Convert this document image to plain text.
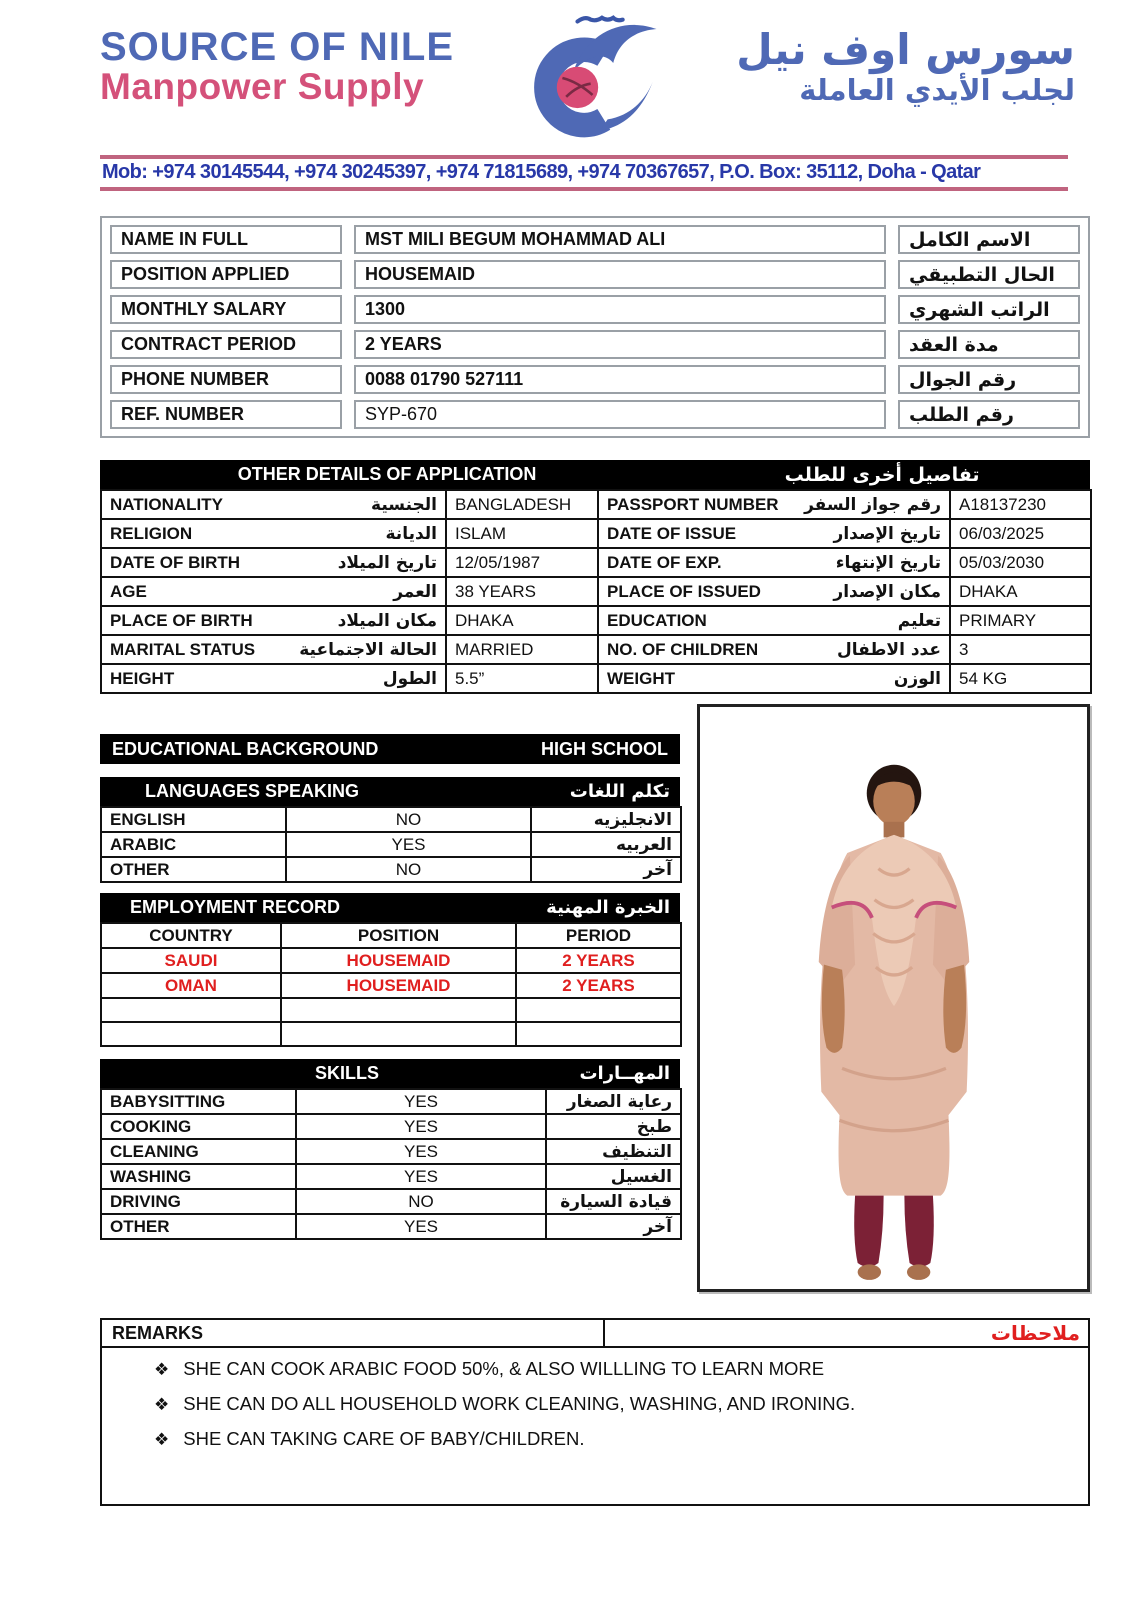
SOURCE OF NILE
Manpower Supply
سورس اوف نيل
لجلب الأيدي العاملة
Mob: +974 30145544, +974 30245397, +974 71815689, +974 70367657, P.O. Box: 35112, Doha - Qatar
NAME IN FULL	MST MILI BEGUM MOHAMMAD ALI	الاسم الكامل
POSITION APPLIED	HOUSEMAID	الحال التطبيقي
MONTHLY SALARY	1300	الراتب الشهري
CONTRACT PERIOD	2 YEARS	مدة العقد
PHONE NUMBER	0088 01790 527111	رقم الجوال
REF. NUMBER	SYP-670	رقم الطلب
OTHER DETAILS OF APPLICATION	تفاصيل أخرى للطلب
NATIONALITY الجنسية	BANGLADESH	PASSPORT NUMBER رقم جواز السفر	A18137230

RELIGION الديانة	ISLAM	DATE OF ISSUE تاريخ الإصدار	06/03/2025

DATE OF BIRTH تاريخ الميلاد	12/05/1987	DATE OF EXP. تاريخ الإنتهاء	05/03/2030

AGE العمر	38 YEARS	PLACE OF ISSUED مكان الإصدار	DHAKA

PLACE OF BIRTH مكان الميلاد	DHAKA	EDUCATION تعليم	PRIMARY

MARITAL STATUS الحالة الاجتماعية	MARRIED	NO. OF CHILDREN عدد الاطفال	3

HEIGHT الطول	5.5”	WEIGHT الوزن	54 KG
EDUCATIONAL BACKGROUND	HIGH SCHOOL
LANGUAGES SPEAKING	تكلم اللغات
ENGLISH	NO	الانجليزيه
ARABIC	YES	العربيه
OTHER	NO	آخر
EMPLOYMENT RECORD	الخبرة المهنية
COUNTRY	POSITION	PERIOD
SAUDI	HOUSEMAID	2 YEARS
OMAN	HOUSEMAID	2 YEARS

SKILLS	المهــارات
BABYSITTING	YES	رعاية الصغار
COOKING	YES	طبخ
CLEANING	YES	التنظيف
WASHING	YES	الغسيل
DRIVING	NO	قيادة السيارة
OTHER	YES	آخر
REMARKS	ملاحظات
❖ SHE CAN COOK ARABIC FOOD 50%, & ALSO WILLLING TO LEARN MORE
❖ SHE CAN DO ALL HOUSEHOLD WORK CLEANING, WASHING, AND IRONING.
❖ SHE CAN TAKING CARE OF BABY/CHILDREN.
